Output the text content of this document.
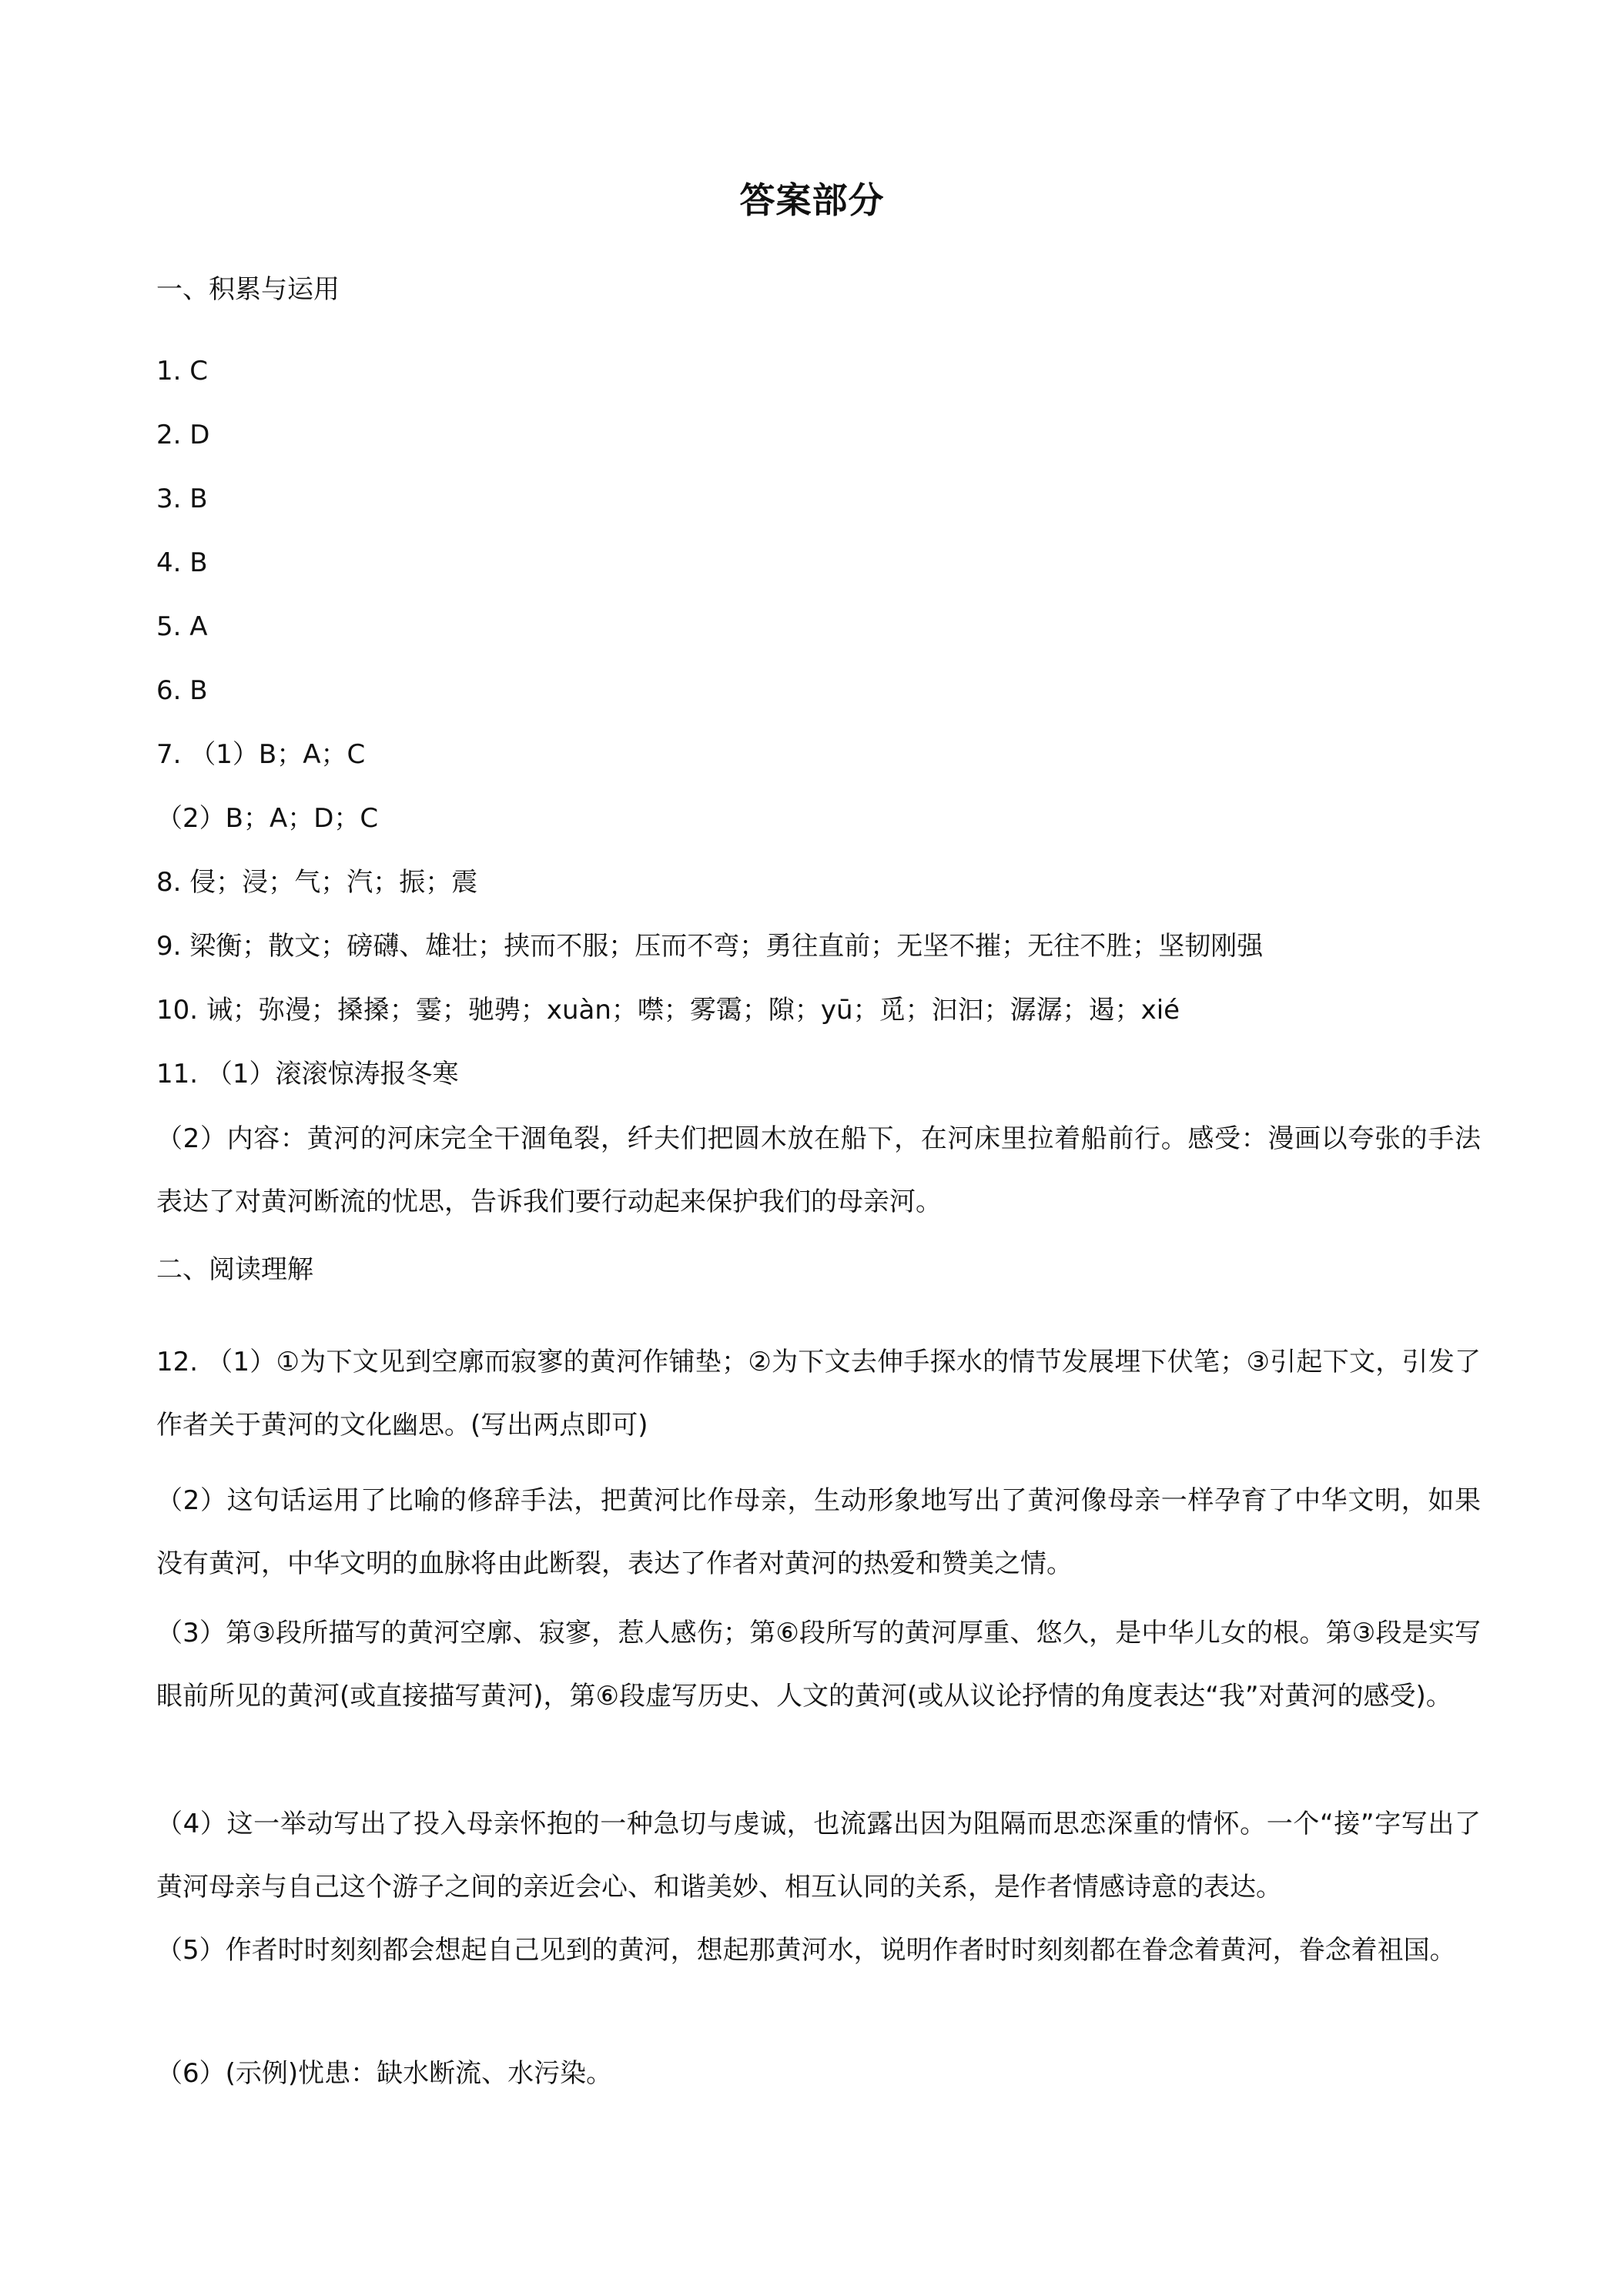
答案部分
一、积累与运用
1. C
2. D
3. B
4. B
5. A
6. B
7. （1）B；A；C
（2）B；A；D；C
8. 侵；浸；气；汽；振；震
9. 梁衡；散文；磅礴、雄壮；挟而不服；压而不弯；勇往直前；无坚不摧；无往不胜；坚韧刚强
10. 诫；弥漫；搡搡；霎；驰骋；xuàn；噤；雾霭；隙；yū；觅；汩汩；潺潺；遏；xié
11. （1）滚滚惊涛报冬寒
（2）内容：黄河的河床完全干涸龟裂，纤夫们把圆木放在船下，在河床里拉着船前行。感受：漫画以夸张的手法表达了对黄河断流的忧思，告诉我们要行动起来保护我们的母亲河。
二、阅读理解
12. （1）①为下文见到空廓而寂寥的黄河作铺垫；②为下文去伸手探水的情节发展埋下伏笔；③引起下文，引发了作者关于黄河的文化幽思。(写出两点即可)
（2）这句话运用了比喻的修辞手法，把黄河比作母亲，生动形象地写出了黄河像母亲一样孕育了中华文明，如果没有黄河，中华文明的血脉将由此断裂，表达了作者对黄河的热爱和赞美之情。
（3）第③段所描写的黄河空廓、寂寥，惹人感伤；第⑥段所写的黄河厚重、悠久，是中华儿女的根。第③段是实写眼前所见的黄河(或直接描写黄河)，第⑥段虚写历史、人文的黄河(或从议论抒情的角度表达“我”对黄河的感受)。
（4）这一举动写出了投入母亲怀抱的一种急切与虔诚，也流露出因为阻隔而思恋深重的情怀。一个“接”字写出了黄河母亲与自己这个游子之间的亲近会心、和谐美妙、相互认同的关系，是作者情感诗意的表达。
（5）作者时时刻刻都会想起自己见到的黄河，想起那黄河水，说明作者时时刻刻都在眷念着黄河，眷念着祖国。
（6）(示例)忧患：缺水断流、水污染。
